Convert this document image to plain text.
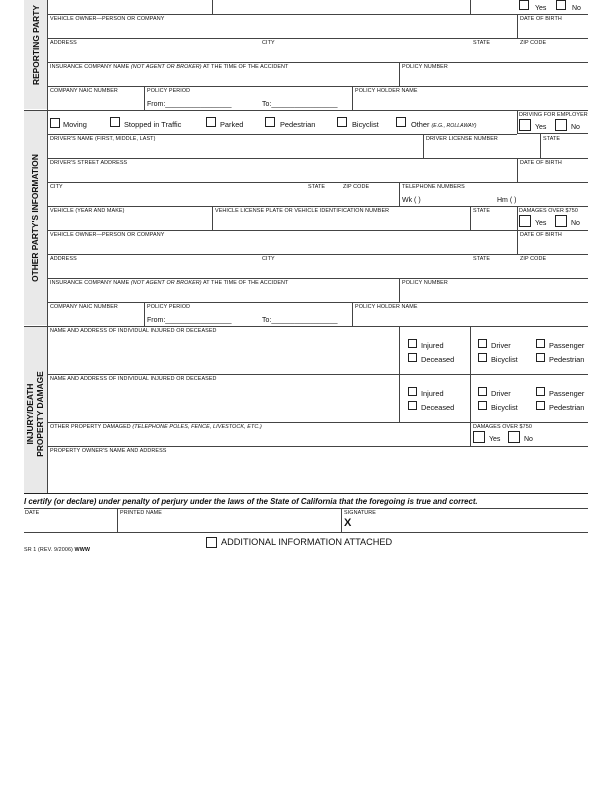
REPORTING PARTY
OTHER PARTY'S INFORMATION
INJURY/DEATH PROPERTY DAMAGE
Yes	No
VEHICLE OWNER—PERSON OR COMPANY	DATE OF BIRTH
ADDRESS	CITY	STATE	ZIP CODE
INSURANCE COMPANY NAME (NOT AGENT OR BROKER) AT THE TIME OF THE ACCIDENT	POLICY NUMBER
COMPANY NAIC NUMBER	POLICY PERIOD
From:_________________	To:_________________
POLICY HOLDER NAME
Moving	Stopped in Traffic	Parked	Pedestrian	Bicyclist	Other (E.G., ROLLAWAY)
DRIVING FOR EMPLOYER
Yes	No
DRIVER'S NAME (FIRST, MIDDLE, LAST)	DRIVER LICENSE NUMBER	STATE
DRIVER'S STREET ADDRESS	DATE OF BIRTH
CITY	STATE	ZIP CODE	TELEPHONE NUMBERS
Wk ( )	Hm ( )
VEHICLE (YEAR AND MAKE)	VEHICLE LICENSE PLATE OR VEHICLE IDENTIFICATION NUMBER	STATE	DAMAGES OVER $750
Yes	No
VEHICLE OWNER—PERSON OR COMPANY	DATE OF BIRTH
ADDRESS	CITY	STATE	ZIP CODE
INSURANCE COMPANY NAME (NOT AGENT OR BROKER) AT THE TIME OF THE ACCIDENT	POLICY NUMBER
COMPANY NAIC NUMBER	POLICY PERIOD
From:_________________	To:_________________
POLICY HOLDER NAME
NAME AND ADDRESS OF INDIVIDUAL INJURED OR DECEASED
Injured
Deceased
Driver
Bicyclist
Passenger
Pedestrian
NAME AND ADDRESS OF INDIVIDUAL INJURED OR DECEASED
Injured
Deceased
Driver
Bicyclist
Passenger
Pedestrian
OTHER PROPERTY DAMAGED (TELEPHONE POLES, FENCE, LIVESTOCK, ETC.)	DAMAGES OVER $750
Yes	No
PROPERTY OWNER'S NAME AND ADDRESS
I certify (or declare) under penalty of perjury under the laws of the State of California that the foregoing is true and correct.
DATE	PRINTED NAME	SIGNATURE
X
SR 1 (REV. 9/2006) WWW
ADDITIONAL INFORMATION ATTACHED
